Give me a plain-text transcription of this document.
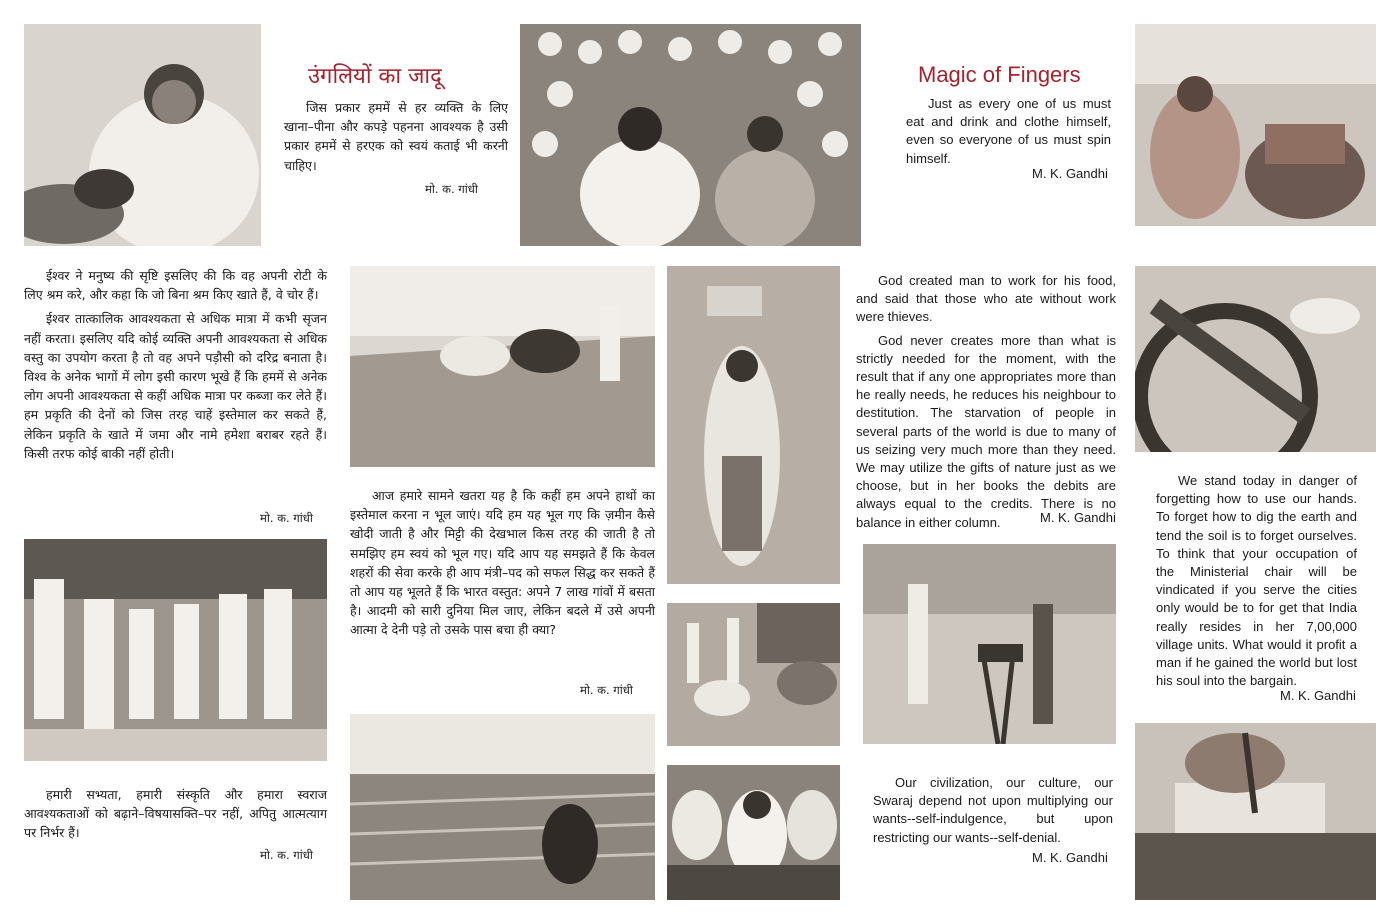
उंगलियों का जादू	Magic of Fingers

जिस प्रकार हममें से हर व्यक्ति के लिए खाना–पीना और कपड़े पहनना आवश्यक है उसी प्रकार हममें से हरएक को स्वयं कताई भी करनी चाहिए।

मो. क. गांधी

Just as every one of us must eat and drink and clothe himself, even so everyone of us must spin himself.

M. K. Gandhi

ईश्वर ने मनुष्य की सृष्टि इसलिए की कि वह अपनी रोटी के लिए श्रम करे, और कहा कि जो बिना श्रम किए खाते हैं, वे चोर हैं।

ईश्वर तात्कालिक आवश्यकता से अधिक मात्रा में कभी सृजन नहीं करता। इसलिए यदि कोई व्यक्ति अपनी आवश्यकता से अधिक वस्तु का उपयोग करता है तो वह अपने पड़ौसी को दरिद्र बनाता है। विश्व के अनेक भागों में लोग इसी कारण भूखे हैं कि हममें से अनेक लोग अपनी आवश्यकता से कहीं अधिक मात्रा पर कब्जा कर लेते हैं। हम प्रकृति की देनों को जिस तरह चाहें इस्तेमाल कर सकते हैं, लेकिन प्रकृति के खाते में जमा और नामे हमेशा बराबर रहते हैं। किसी तरफ कोई बाकी नहीं होती।

मो. क. गांधी

God created man to work for his food, and said that those who ate without work were thieves.

God never creates more than what is strictly needed for the moment, with the result that if any one appropriates more than he really needs, he reduces his neighbour to destitution. The starvation of people in several parts of the world is due to many of us seizing very much more than they need. We may utilize the gifts of nature just as we choose, but in her books the debits are always equal to the credits. There is no balance in either column.	M. K. Gandhi

आज हमारे सामने खतरा यह है कि कहीं हम अपने हाथों का इस्तेमाल करना न भूल जाएं। यदि हम यह भूल गए कि ज़मीन कैसे खोदी जाती है और मिट्टी की देखभाल किस तरह की जाती है तो समझिए हम स्वयं को भूल गए। यदि आप यह समझते हैं कि केवल शहरों की सेवा करके ही आप मंत्री–पद को सफल सिद्ध कर सकते हैं तो आप यह भूलते हैं कि भारत वस्तुत: अपने 7 लाख गांवों में बसता है। आदमी को सारी दुनिया मिल जाए, लेकिन बदले में उसे अपनी आत्मा दे देनी पड़े तो उसके पास बचा ही क्या?

मो. क. गांधी

We stand today in danger of forgetting how to use our hands. To forget how to dig the earth and tend the soil is to forget ourselves. To think that your occupation of the Ministerial chair will be vindicated if you serve the cities only would be to for get that India really resides in her 7,00,000 village units. What would it profit a man if he gained the world but lost his soul into the bargain.

M. K. Gandhi

हमारी सभ्यता, हमारी संस्कृति और हमारा स्वराज आवश्यकताओं को बढ़ाने–विषयासक्ति–पर नहीं, अपितु आत्मत्याग पर निर्भर हैं।

मो. क. गांधी

Our civilization, our culture, our Swaraj depend not upon multiplying our wants--self-indulgence, but upon restricting our wants--self-denial.

M. K. Gandhi
